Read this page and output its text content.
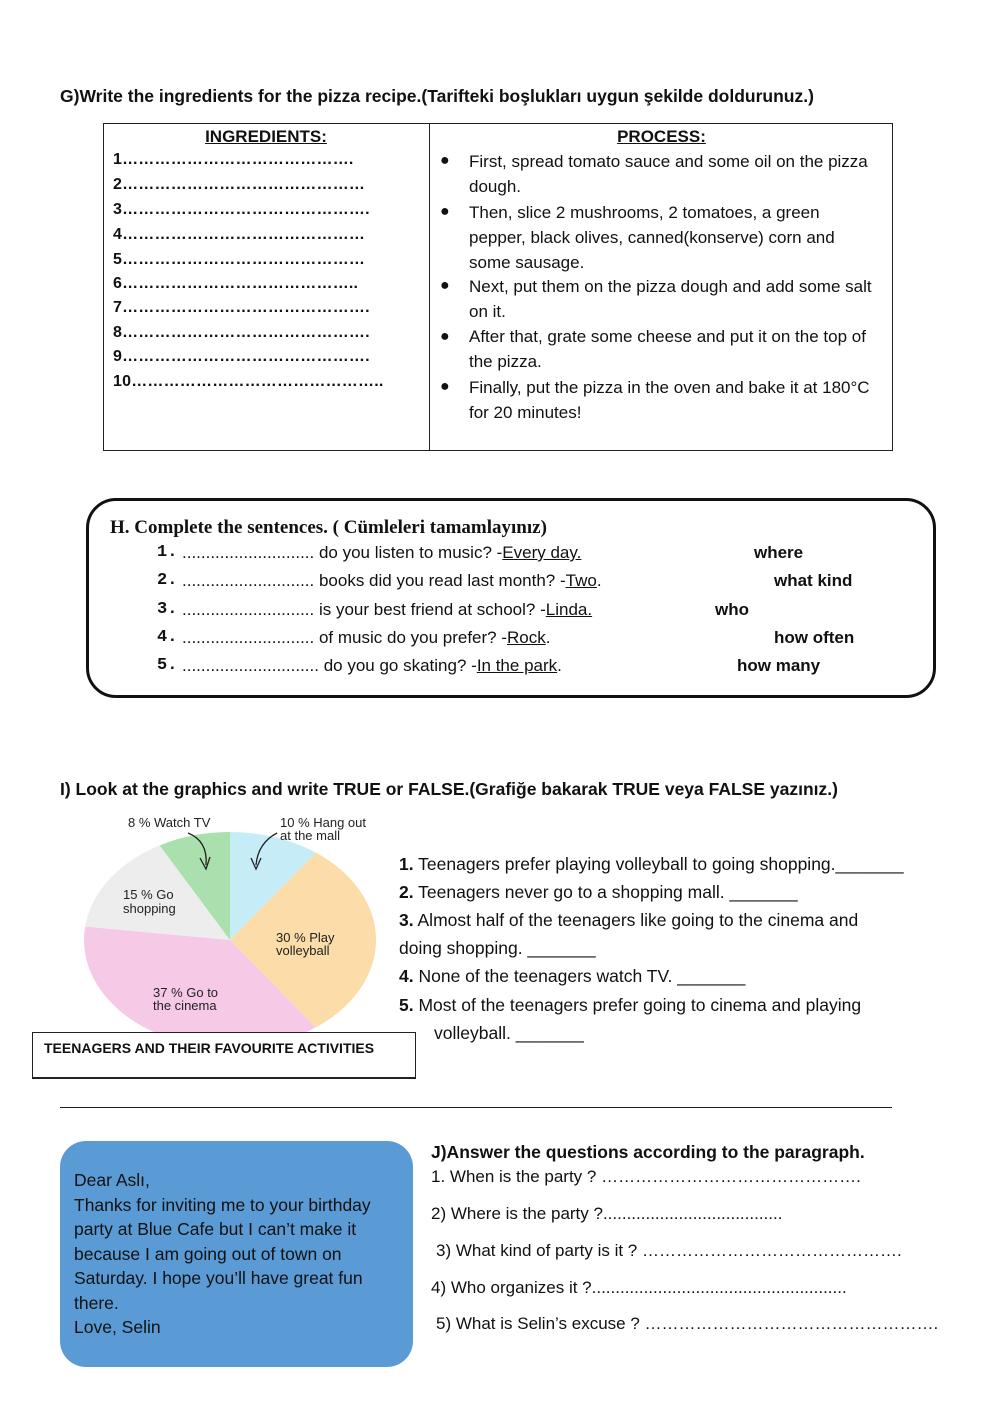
G)Write the ingredients for the pizza recipe.(Tarifteki boşlukları uygun şekilde doldurunuz.)
INGREDIENTS:	PROCESS:
1…………………………………….
2………………………………………
3……………………………………….
4………………………………………
5………………………………………
6……………………………………..
7……………………………………….
8……………………………………….
9……………………………………….
10………………………………………..
● First, spread tomato sauce and some oil on the pizza dough.
● Then, slice 2 mushrooms, 2 tomatoes, a green pepper, black olives, canned(konserve) corn and some sausage.
● Next, put them on the pizza dough and add some salt on it.
● After that, grate some cheese and put it on the top of the pizza.
● Finally, put the pizza in the oven and bake it at 180°C for 20 minutes!
H. Complete the sentences. ( Cümleleri tamamlayınız)
1. ............................ do you listen to music? -Every day.
2. ............................ books did you read last month? -Two.
3. ............................ is your best friend at school? -Linda.
4. ............................ of music do you prefer? -Rock.
5. ............................. do you go skating? -In the park.
where
what kind
who
how often
how many
I) Look at the graphics and write TRUE or FALSE.(Grafiğe bakarak TRUE veya FALSE yazınız.)
8 % Watch TV	10 % Hang out
at the mall
15 % Go
shopping
30 % Play
volleyball
37 % Go to
the cinema
TEENAGERS AND THEIR FAVOURITE ACTIVITIES
1. Teenagers prefer playing volleyball to going shopping._______
2. Teenagers never go to a shopping mall. _______
3. Almost half of the teenagers like going to the cinema and
doing shopping. _______
4. None of the teenagers watch TV. _______
5. Most of the teenagers prefer going to cinema and playing
volleyball. _______
Dear Aslı,
Thanks for inviting me to your birthday
party at Blue Cafe but I can’t make it
because I am going out of town on
Saturday. I hope you’ll have great fun
there.
Love, Selin
J)Answer the questions according to the paragraph.
1. When is the party ? ……………………………………….
2) Where is the party ?......................................
3) What kind of party is it ? ……………………………………….
4) Who organizes it ?......................................................
5) What is Selin’s excuse ? …………………………………………….
